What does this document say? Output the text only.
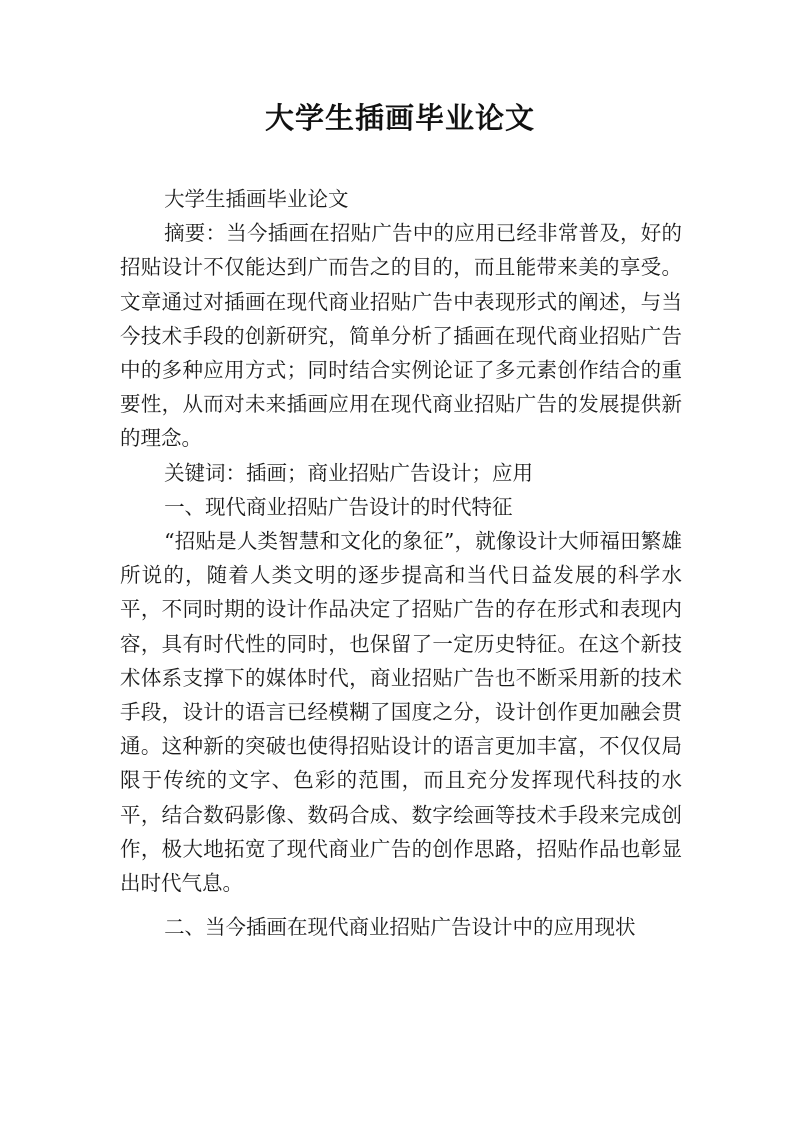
大学生插画毕业论文

大学生插画毕业论文

摘要：当今插画在招贴广告中的应用已经非常普及，好的招贴设计不仅能达到广而告之的目的，而且能带来美的享受。文章通过对插画在现代商业招贴广告中表现形式的阐述，与当今技术手段的创新研究，简单分析了插画在现代商业招贴广告中的多种应用方式；同时结合实例论证了多元素创作结合的重要性，从而对未来插画应用在现代商业招贴广告的发展提供新的理念。

关键词：插画；商业招贴广告设计；应用

一、现代商业招贴广告设计的时代特征

“招贴是人类智慧和文化的象征”，就像设计大师福田繁雄所说的，随着人类文明的逐步提高和当代日益发展的科学水平，不同时期的设计作品决定了招贴广告的存在形式和表现内容，具有时代性的同时，也保留了一定历史特征。在这个新技术体系支撑下的媒体时代，商业招贴广告也不断采用新的技术手段，设计的语言已经模糊了国度之分，设计创作更加融会贯通。这种新的突破也使得招贴设计的语言更加丰富，不仅仅局限于传统的文字、色彩的范围，而且充分发挥现代科技的水平，结合数码影像、数码合成、数字绘画等技术手段来完成创作，极大地拓宽了现代商业广告的创作思路，招贴作品也彰显出时代气息。

二、当今插画在现代商业招贴广告设计中的应用现状
